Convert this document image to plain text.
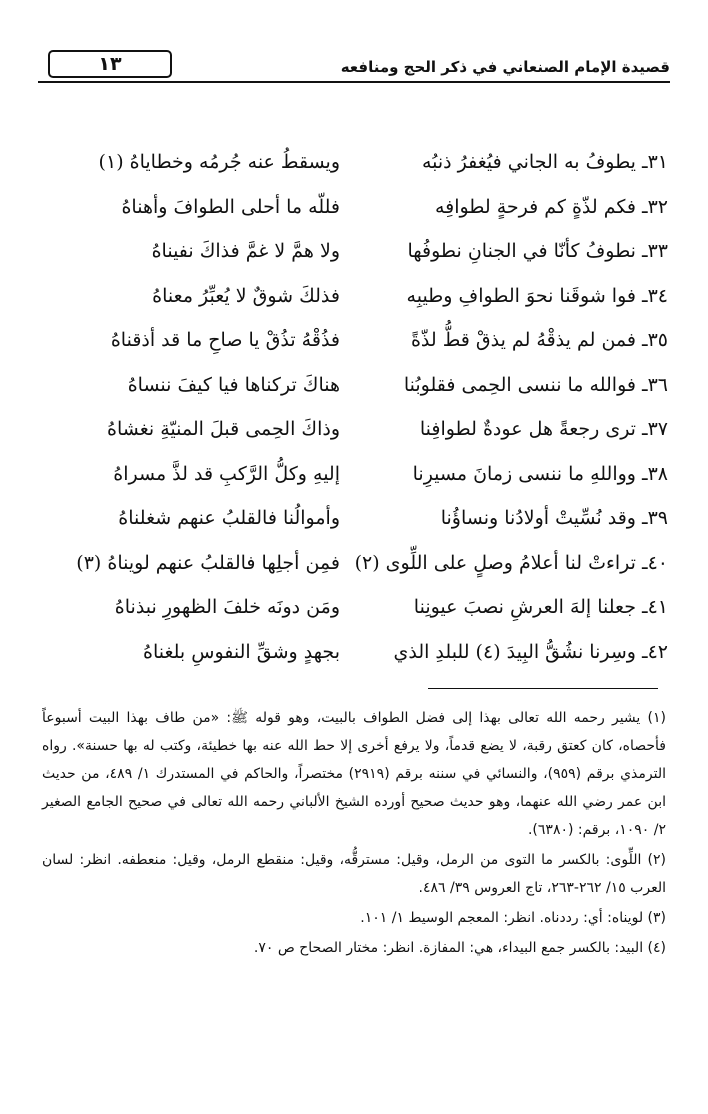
١٣	قصيدة الإمام الصنعاني في ذكر الحج ومنافعه
٣١ـ يطوفُ به الجاني فيُغفرُ ذنبُه
ويسقطُ عنه جُرمُه وخطاياهُ (١)
٣٢ـ فكم لذّةٍ كم فرحةٍ لطوافِه
فللّه ما أحلى الطوافَ وأهناهُ
٣٣ـ نطوفُ كأنّا في الجنانِ نطوفُها
ولا همَّ لا غمَّ فذاكَ نفيناهُ
٣٤ـ فوا شوقَنا نحوَ الطوافِ وطيبِه
فذلكَ شوقٌ لا يُعبِّرُ معناهُ
٣٥ـ فمن لم يذقْهُ لم يذقْ قطُّ لذّةً
فذُقْهُ تذُقْ يا صاحِ ما قد أذقناهُ
٣٦ـ فوالله ما ننسى الحِمى فقلوبُنا
هناكَ تركناها فيا كيفَ ننساهُ
٣٧ـ ترى رجعةً هل عودةٌ لطوافِنا
وذاكَ الحِمى قبلَ المنيّةِ نغشاهُ
٣٨ـ وواللهِ ما ننسى زمانَ مسيرِنا
إليهِ وكلُّ الرَّكبِ قد لذَّ مسراهُ
٣٩ـ وقد نُسِّيتْ أولادُنا ونساؤُنا
وأموالُنا فالقلبُ عنهم شغلناهُ
٤٠ـ تراءتْ لنا أعلامُ وصلٍ على اللِّوى (٢)
فمِن أجلِها فالقلبُ عنهم لويناهُ (٣)
٤١ـ جعلنا إلهَ العرشِ نصبَ عيونِنا
ومَن دونَه خلفَ الظهورِ نبذناهُ
٤٢ـ وسِرنا نشُقُّ البِيدَ (٤) للبلدِ الذي
بجهدٍ وشقِّ النفوسِ بلغناهُ

(١) يشير رحمه الله تعالى بهذا إلى فضل الطواف بالبيت، وهو قوله ﷺ: «من طاف بهذا البيت أسبوعاً فأحصاه، كان كعتق رقبة، لا يضع قدماً، ولا يرفع أخرى إلا حط الله عنه بها خطيئة، وكتب له بها حسنة». رواه الترمذي برقم (٩٥٩)، والنسائي في سننه برقم (٢٩١٩) مختصراً، والحاكم في المستدرك ١/ ٤٨٩، من حديث ابن عمر رضي الله عنهما، وهو حديث صحيح أورده الشيخ الألباني رحمه الله تعالى في صحيح الجامع الصغير ٢/ ١٠٩٠، برقم: (٦٣٨٠).

(٢) اللِّوى: بالكسر ما التوى من الرمل، وقيل: مسترقُّه، وقيل: منقطع الرمل، وقيل: منعطفه. انظر: لسان العرب ١٥/ ٢٦٢-٢٦٣، تاج العروس ٣٩/ ٤٨٦.

(٣) لويناه: أي: رددناه. انظر: المعجم الوسيط ١/ ١٠١.

(٤) البيد: بالكسر جمع البيداء، هي: المفازة. انظر: مختار الصحاح ص ٧٠.
